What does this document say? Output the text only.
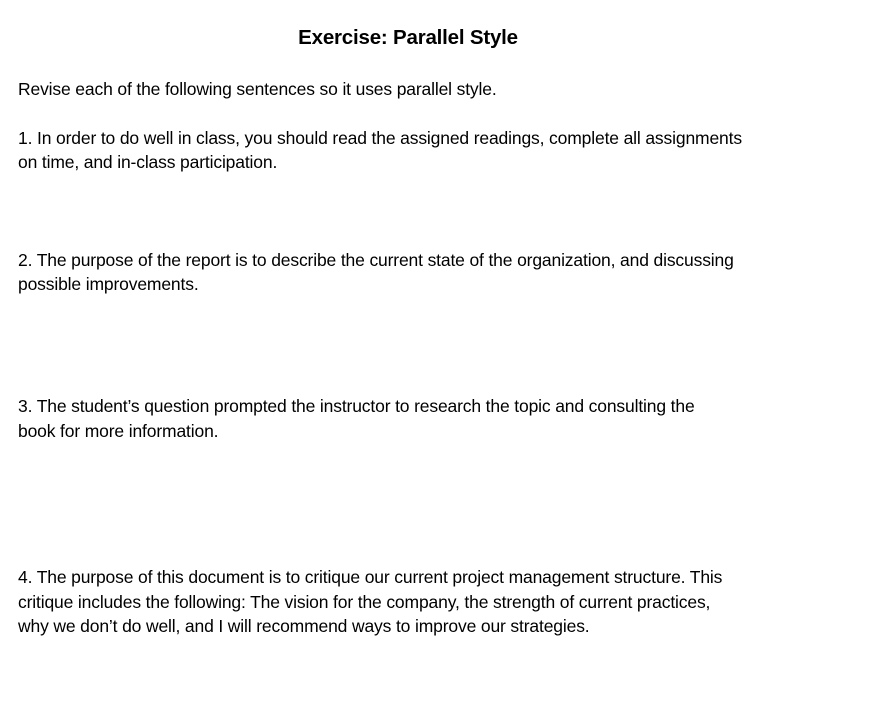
Exercise: Parallel Style
Revise each of the following sentences so it uses parallel style.
1. In order to do well in class, you should read the assigned readings, complete all assignments
on time, and in-class participation.
2. The purpose of the report is to describe the current state of the organization, and discussing
possible improvements.
3. The student’s question prompted the instructor to research the topic and consulting the
book for more information.
4. The purpose of this document is to critique our current project management structure. This
critique includes the following: The vision for the company, the strength of current practices,
why we don’t do well, and I will recommend ways to improve our strategies.
